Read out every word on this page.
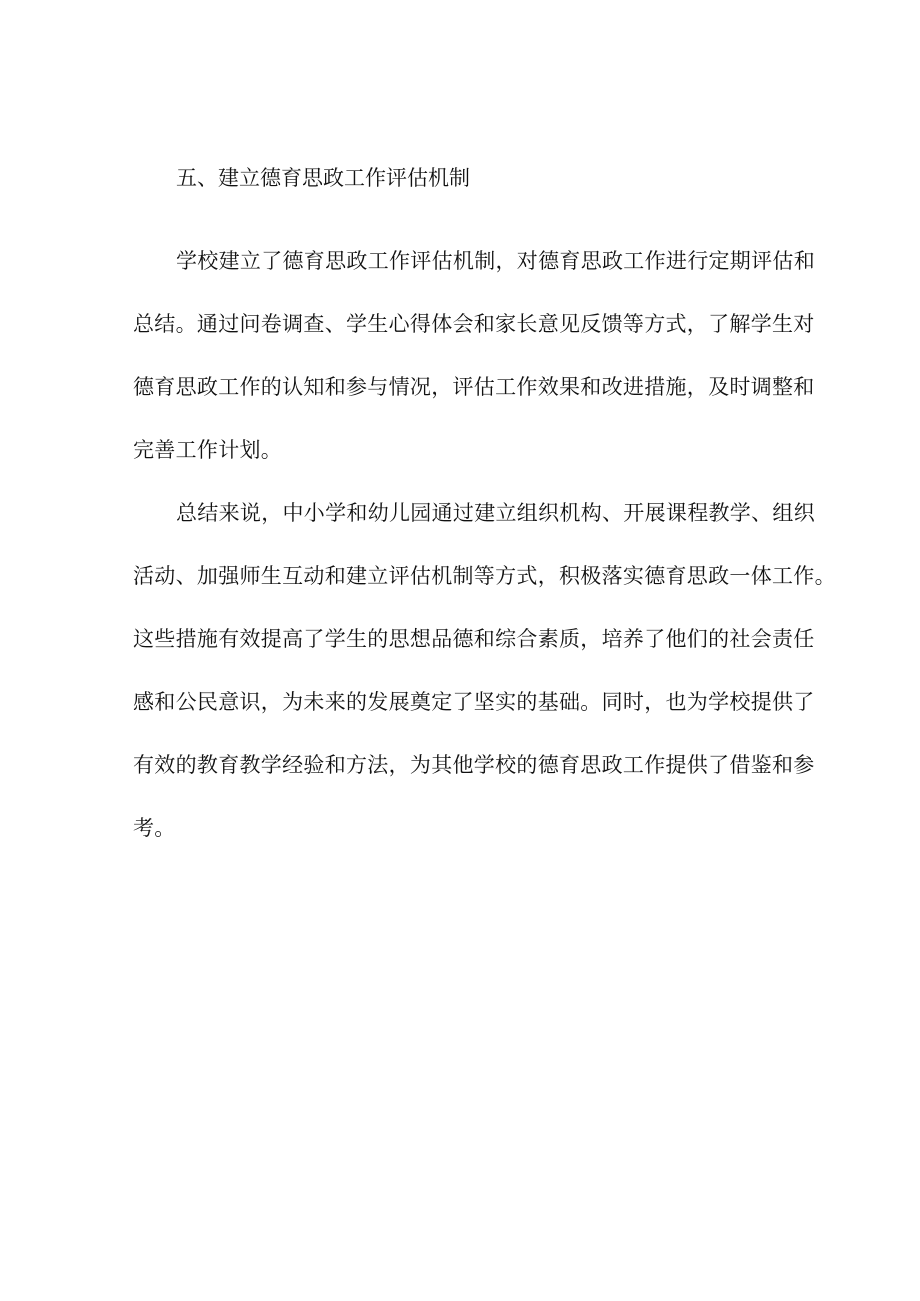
五、建立德育思政工作评估机制

学校建立了德育思政工作评估机制，对德育思政工作进行定期评估和
总结。通过问卷调查、学生心得体会和家长意见反馈等方式，了解学生对
德育思政工作的认知和参与情况，评估工作效果和改进措施，及时调整和
完善工作计划。

总结来说，中小学和幼儿园通过建立组织机构、开展课程教学、组织
活动、加强师生互动和建立评估机制等方式，积极落实德育思政一体工作。
这些措施有效提高了学生的思想品德和综合素质，培养了他们的社会责任
感和公民意识，为未来的发展奠定了坚实的基础。同时，也为学校提供了
有效的教育教学经验和方法，为其他学校的德育思政工作提供了借鉴和参
考。
